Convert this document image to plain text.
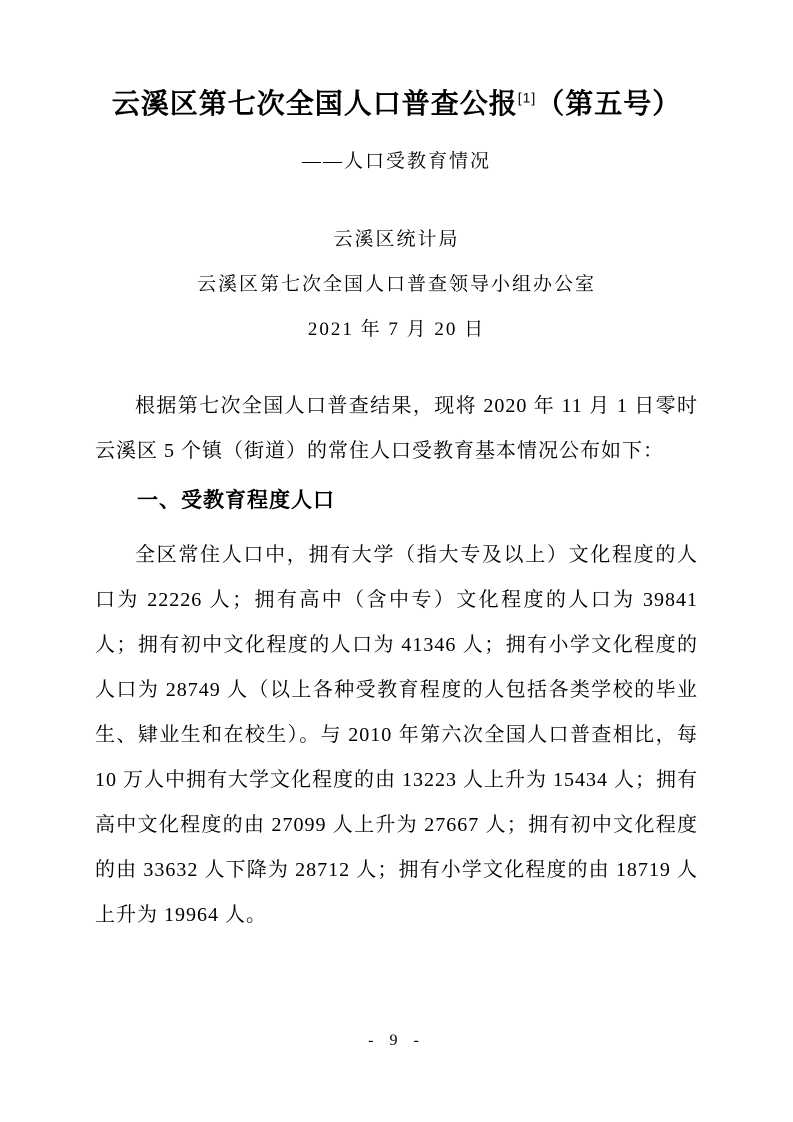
云溪区第七次全国人口普查公报[1]（第五号）
——人口受教育情况
云溪区统计局
云溪区第七次全国人口普查领导小组办公室
2021 年 7 月 20 日

根据第七次全国人口普查结果，现将 2020 年 11 月 1 日零时云溪区 5 个镇（街道）的常住人口受教育基本情况公布如下：

一、受教育程度人口

全区常住人口中，拥有大学（指大专及以上）文化程度的人口为 22226 人；拥有高中（含中专）文化程度的人口为 39841 人；拥有初中文化程度的人口为 41346 人；拥有小学文化程度的人口为 28749 人（以上各种受教育程度的人包括各类学校的毕业生、肄业生和在校生）。与 2010 年第六次全国人口普查相比，每 10 万人中拥有大学文化程度的由 13223 人上升为 15434 人；拥有高中文化程度的由 27099 人上升为 27667 人；拥有初中文化程度的由 33632 人下降为 28712 人；拥有小学文化程度的由 18719 人上升为 19964 人。

- 9 -
